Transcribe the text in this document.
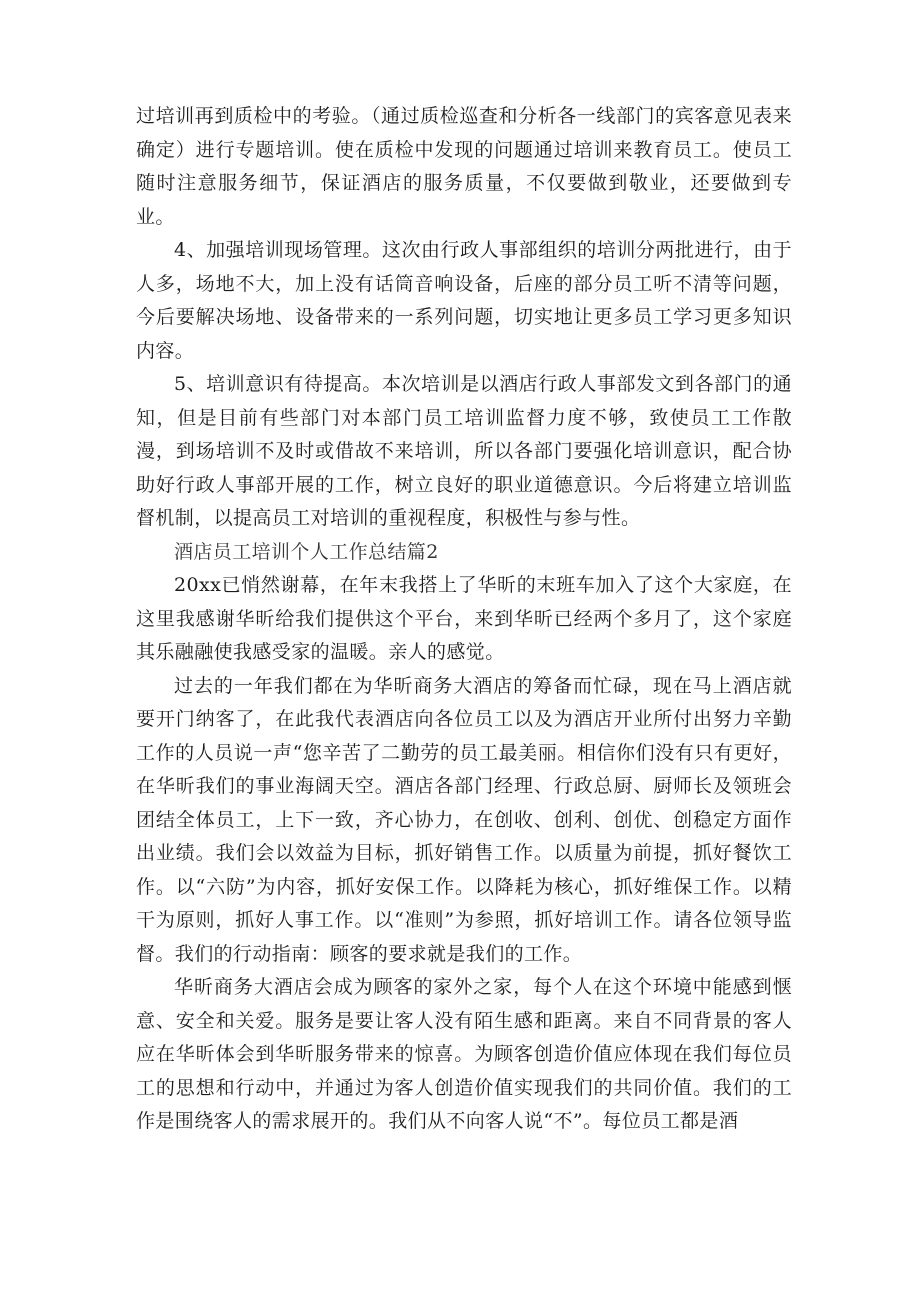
过培训再到质检中的考验。（通过质检巡查和分析各一线部门的宾客意见表来确定）进行专题培训。使在质检中发现的问题通过培训来教育员工。使员工随时注意服务细节，保证酒店的服务质量，不仅要做到敬业，还要做到专业。

4、加强培训现场管理。这次由行政人事部组织的培训分两批进行，由于人多，场地不大，加上没有话筒音响设备，后座的部分员工听不清等问题，今后要解决场地、设备带来的一系列问题，切实地让更多员工学习更多知识内容。

5、培训意识有待提高。本次培训是以酒店行政人事部发文到各部门的通知，但是目前有些部门对本部门员工培训监督力度不够，致使员工工作散漫，到场培训不及时或借故不来培训，所以各部门要强化培训意识，配合协助好行政人事部开展的工作，树立良好的职业道德意识。今后将建立培训监督机制，以提高员工对培训的重视程度，积极性与参与性。

酒店员工培训个人工作总结篇2

20xx已悄然谢幕，在年末我搭上了华昕的末班车加入了这个大家庭，在这里我感谢华昕给我们提供这个平台，来到华昕已经两个多月了，这个家庭其乐融融使我感受家的温暖。亲人的感觉。

过去的一年我们都在为华昕商务大酒店的筹备而忙碌，现在马上酒店就要开门纳客了，在此我代表酒店向各位员工以及为酒店开业所付出努力辛勤工作的人员说一声“您辛苦了二勤劳的员工最美丽。相信你们没有只有更好，在华昕我们的事业海阔天空。酒店各部门经理、行政总厨、厨师长及领班会团结全体员工，上下一致，齐心协力，在创收、创利、创优、创稳定方面作出业绩。我们会以效益为目标，抓好销售工作。以质量为前提，抓好餐饮工作。以“六防”为内容，抓好安保工作。以降耗为核心，抓好维保工作。以精干为原则，抓好人事工作。以“准则”为参照，抓好培训工作。请各位领导监督。我们的行动指南：顾客的要求就是我们的工作。

华昕商务大酒店会成为顾客的家外之家，每个人在这个环境中能感到惬意、安全和关爱。服务是要让客人没有陌生感和距离。来自不同背景的客人应在华昕体会到华昕服务带来的惊喜。为顾客创造价值应体现在我们每位员工的思想和行动中，并通过为客人创造价值实现我们的共同价值。我们的工作是围绕客人的需求展开的。我们从不向客人说“不”。每位员工都是酒
